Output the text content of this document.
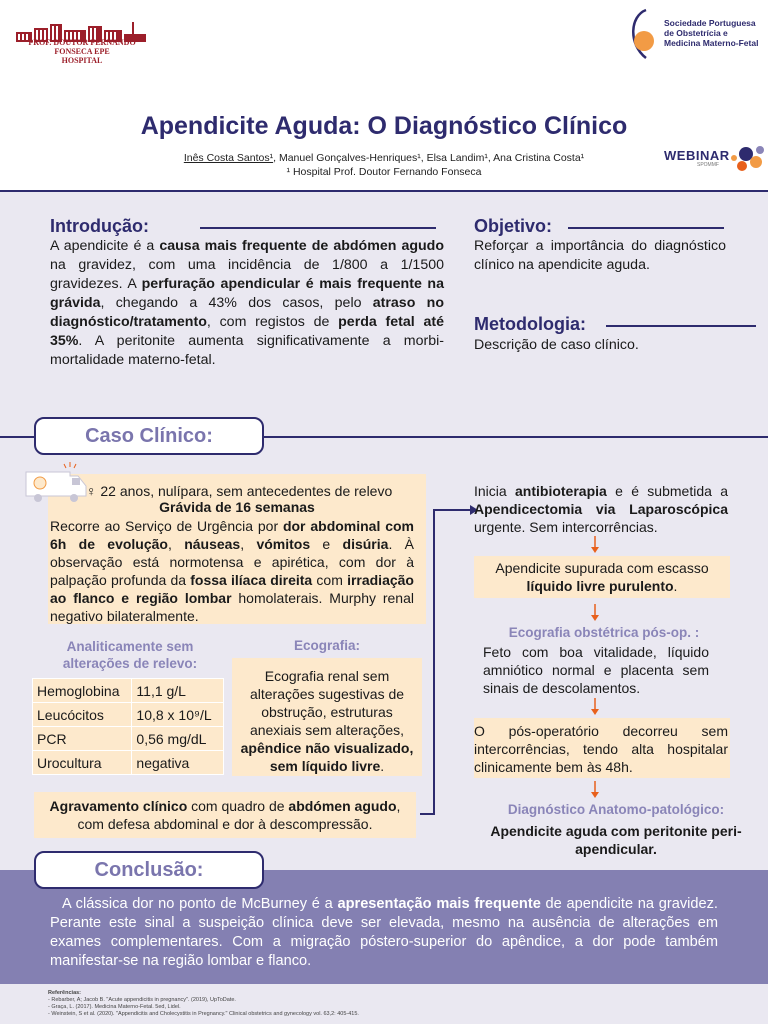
PROF. DOUTOR FERNANDO FONSECA EPE
HOSPITAL
Sociedade Portuguesa de Obstetrícia e Medicina Materno-Fetal
Apendicite Aguda: O Diagnóstico Clínico
Inês Costa Santos¹, Manuel Gonçalves-Henriques¹, Elsa Landim¹, Ana Cristina Costa¹
¹ Hospital Prof. Doutor Fernando Fonseca
WEBINAR
SPOMMF
Introdução:

A apendicite é a causa mais frequente de abdómen agudo na gravidez, com uma incidência de 1/800 a 1/1500 gravidezes. A perfuração apendicular é mais frequente na grávida, chegando a 43% dos casos, pelo atraso no diagnóstico/tratamento, com registos de perda fetal até 35%. A peritonite aumenta significativamente a morbi-mortalidade materno-fetal.

Objetivo:

Reforçar a importância do diagnóstico clínico na apendicite aguda.

Metodologia:

Descrição de caso clínico.

Caso Clínico:
♀ 22 anos, nulípara, sem antecedentes de relevo
Grávida de 16 semanas

Recorre ao Serviço de Urgência por dor abdominal com 6h de evolução, náuseas, vómitos e disúria. À observação está normotensa e apirética, com dor à palpação profunda da fossa ilíaca direita com irradiação ao flanco e região lombar homolaterais. Murphy renal negativo bilateralmente.

Analiticamente sem alterações de relevo:
Hemoglobina	11,1 g/L
Leucócitos	10,8 x 10⁹/L
PCR	0,56 mg/dL
Urocultura	negativa
Ecografia:

Ecografia renal sem alterações sugestivas de obstrução, estruturas anexiais sem alterações, apêndice não visualizado, sem líquido livre.

Agravamento clínico com quadro de abdómen agudo, com defesa abdominal e dor à descompressão.

Inicia antibioterapia e é submetida a Apendicectomia via Laparoscópica urgente. Sem intercorrências.

Apendicite supurada com escasso líquido livre purulento.

Ecografia obstétrica pós-op. :

Feto com boa vitalidade, líquido amniótico normal e placenta sem sinais de descolamentos.

O pós-operatório decorreu sem intercorrências, tendo alta hospitalar clinicamente bem às 48h.

Diagnóstico Anatomo-patológico:
Apendicite aguda com peritonite peri-apendicular.
Conclusão:

A clássica dor no ponto de McBurney é a apresentação mais frequente de apendicite na gravidez. Perante este sinal a suspeição clínica deve ser elevada, mesmo na ausência de alterações em exames complementares. Com a migração póstero-superior do apêndice, a dor pode também manifestar-se na região lombar e flanco.

Referências:
- Rebarber, A; Jacob B. "Acute appendicitis in pregnancy". (2019), UpToDate.
- Graça, L. (2017). Medicina Materno-Fetal. 5ed, Lidel.
- Weinstein, S et al. (2020). "Appendicitis and Cholecystitis in Pregnancy." Clinical obstetrics and gynecology vol. 63,2: 405-415.
